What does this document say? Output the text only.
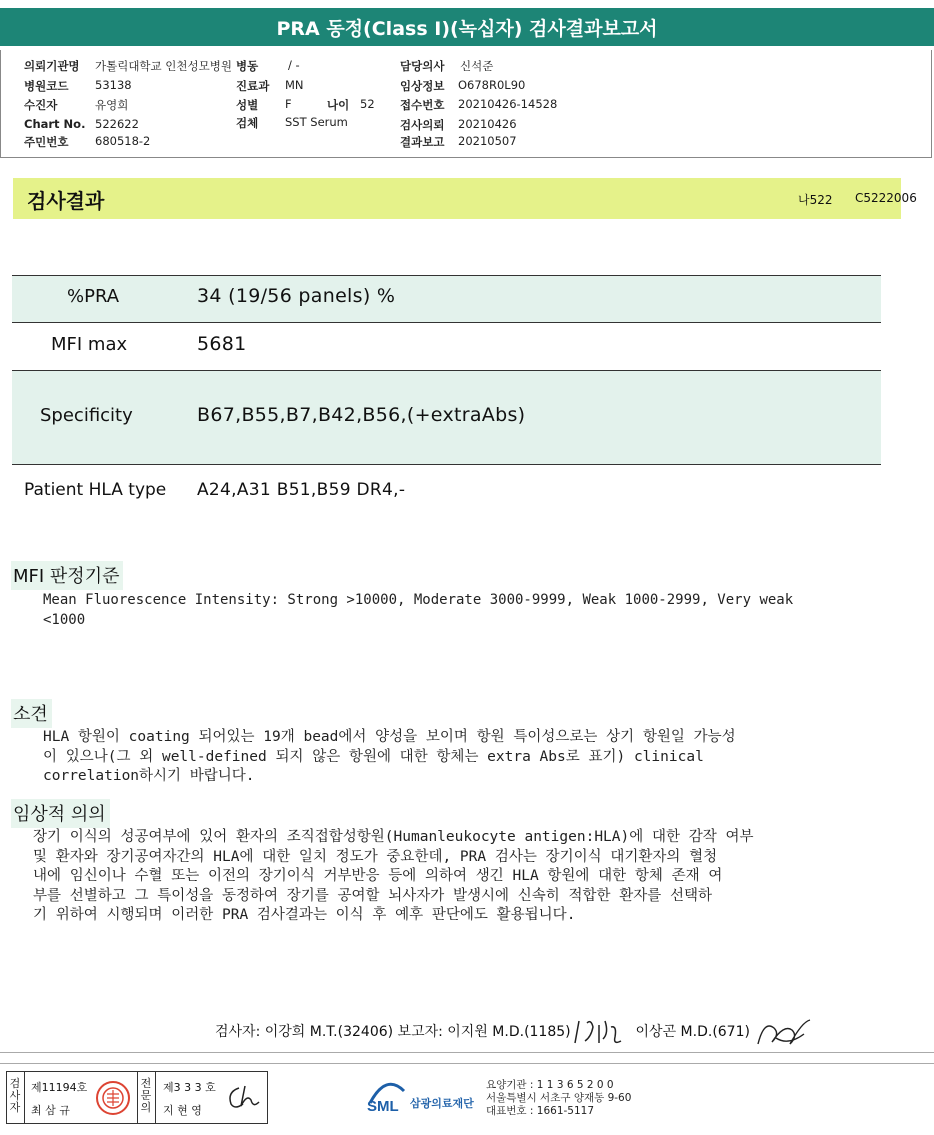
PRA 동정(Class I)(녹십자) 검사결과보고서
의뢰기관명 가톨릭대학교 인천성모병원 병동	/ -	담당의사 신석준
병원코드 53138	진료과 MN	임상정보 O678R0L90
수진자	유영희	성별 F	나이 52 접수번호 20210426-14528
Chart No. 522622	검체 SST Serum	검사의뢰 20210426
주민번호 680518-2	결과보고 20210507
검사결과	나522 C5222006
%PRA	34 (19/56 panels) %
MFI max	5681
Specificity	B67,B55,B7,B42,B56,(+extraAbs)
Patient HLA type A24,A31 B51,B59 DR4,-
MFI 판정기준
Mean Fluorescence Intensity: Strong >10000, Moderate 3000-9999, Weak 1000-2999, Very weak
<1000
소견
HLA 항원이 coating 되어있는 19개 bead에서 양성을 보이며 항원 특이성으로는 상기 항원일 가능성
이 있으나(그 외 well-defined 되지 않은 항원에 대한 항체는 extra Abs로 표기) clinical
correlation하시기 바랍니다.
임상적 의의
장기 이식의 성공여부에 있어 환자의 조직접합성항원(Humanleukocyte antigen:HLA)에 대한 감작 여부
및 환자와 장기공여자간의 HLA에 대한 일치 정도가 중요한데, PRA 검사는 장기이식 대기환자의 혈청
내에 임신이나 수혈 또는 이전의 장기이식 거부반응 등에 의하여 생긴 HLA 항원에 대한 항체 존재 여
부를 선별하고 그 특이성을 동정하여 장기를 공여할 뇌사자가 발생시에 신속히 적합한 환자를 선택하
기 위하여 시행되며 이러한 PRA 검사결과는 이식 후 예후 판단에도 활용됩니다.
검사자: 이강희 M.T.(32406) 보고자: 이지원 M.D.(1185)	이상곤 M.D.(671)
검사자
제11194호
최 삼 규
전문의
제3 3 3 호
지 현 영	SML 삼광의료재단
요양기관 : 1 1 3 6 5 2 0 0
서울특별시 서초구 양재동 9-60
대표번호 : 1661-5117
